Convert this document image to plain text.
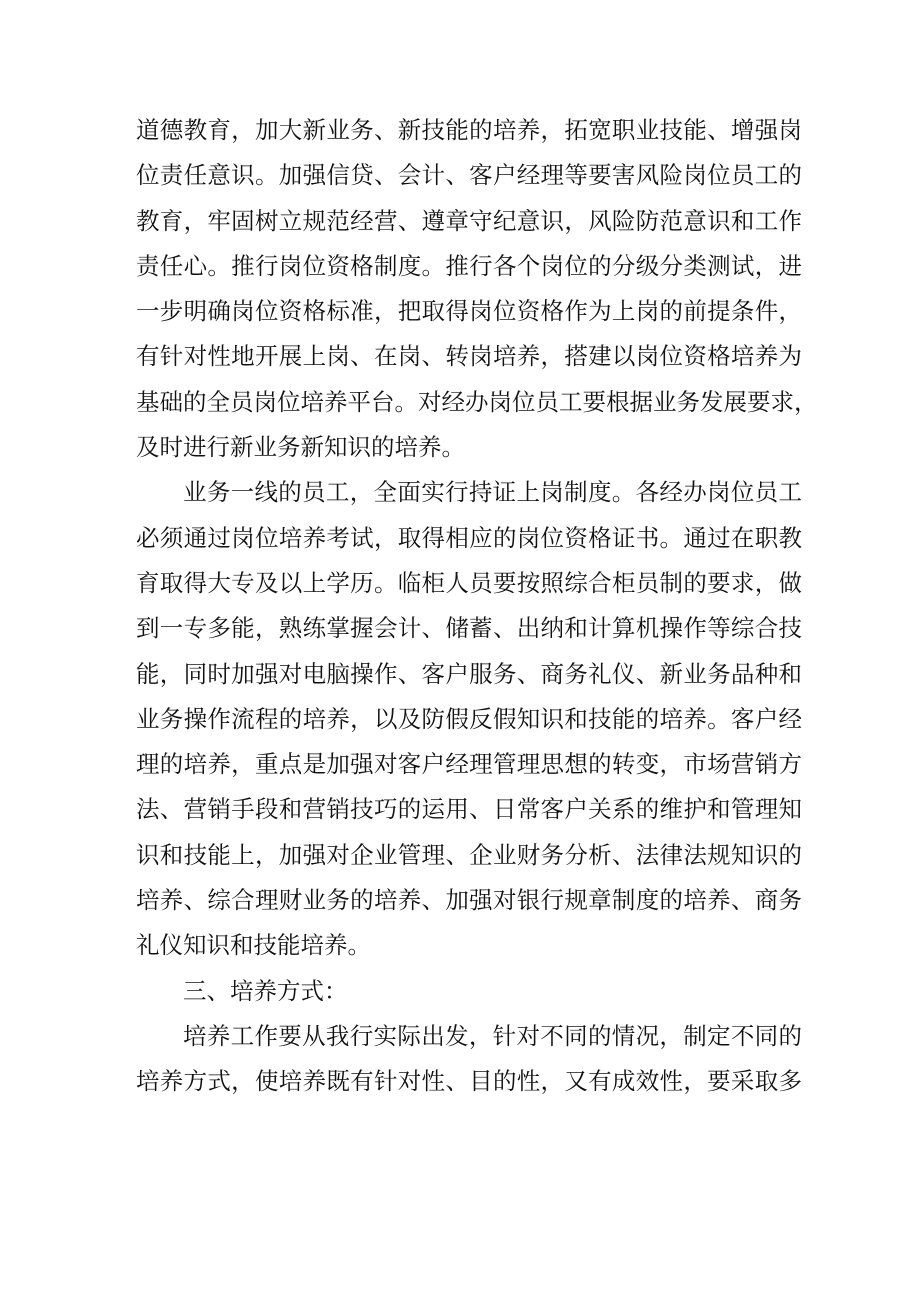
道德教育，加大新业务、新技能的培养，拓宽职业技能、增强岗
位责任意识。加强信贷、会计、客户经理等要害风险岗位员工的
教育，牢固树立规范经营、遵章守纪意识，风险防范意识和工作
责任心。推行岗位资格制度。推行各个岗位的分级分类测试，进
一步明确岗位资格标准，把取得岗位资格作为上岗的前提条件，
有针对性地开展上岗、在岗、转岗培养，搭建以岗位资格培养为
基础的全员岗位培养平台。对经办岗位员工要根据业务发展要求，
及时进行新业务新知识的培养。
业务一线的员工，全面实行持证上岗制度。各经办岗位员工
必须通过岗位培养考试，取得相应的岗位资格证书。通过在职教
育取得大专及以上学历。临柜人员要按照综合柜员制的要求，做
到一专多能，熟练掌握会计、储蓄、出纳和计算机操作等综合技
能，同时加强对电脑操作、客户服务、商务礼仪、新业务品种和
业务操作流程的培养，以及防假反假知识和技能的培养。客户经
理的培养，重点是加强对客户经理管理思想的转变，市场营销方
法、营销手段和营销技巧的运用、日常客户关系的维护和管理知
识和技能上，加强对企业管理、企业财务分析、法律法规知识的
培养、综合理财业务的培养、加强对银行规章制度的培养、商务
礼仪知识和技能培养。
三、培养方式：
培养工作要从我行实际出发，针对不同的情况，制定不同的
培养方式，使培养既有针对性、目的性，又有成效性，要采取多
